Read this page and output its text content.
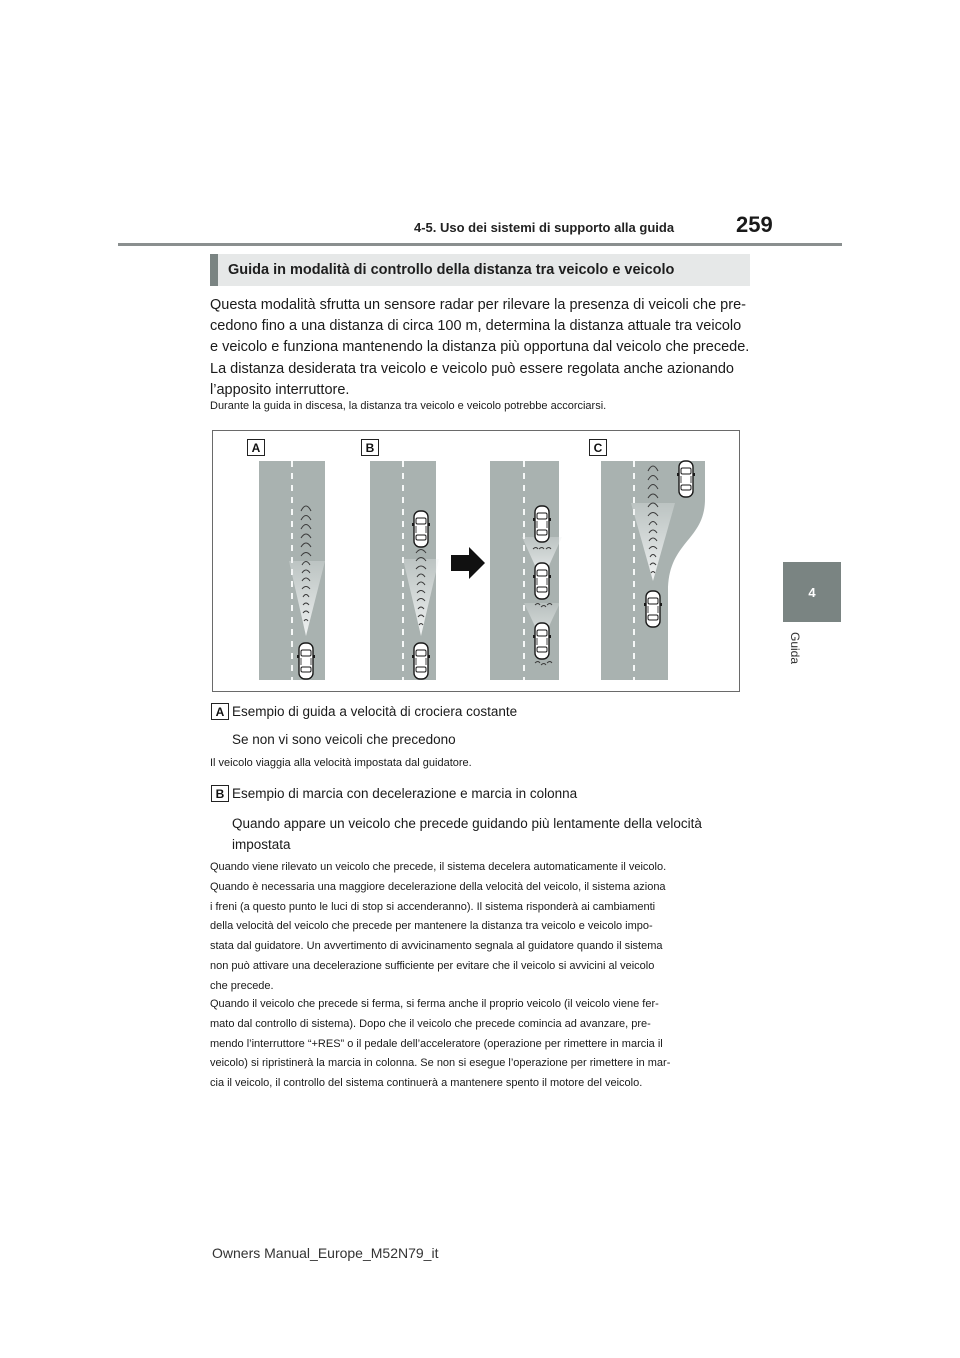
4-5. Uso dei sistemi di supporto alla guida	259
4
Guida
Guida in modalità di controllo della distanza tra veicolo e veicolo
Questa modalità sfrutta un sensore radar per rilevare la presenza di veicoli che pre-
cedono fino a una distanza di circa 100 m, determina la distanza attuale tra veicolo
e veicolo e funziona mantenendo la distanza più opportuna dal veicolo che precede.
La distanza desiderata tra veicolo e veicolo può essere regolata anche azionando
l’apposito interruttore.
Durante la guida in discesa, la distanza tra veicolo e veicolo potrebbe accorciarsi.
A	B	C
A Esempio di guida a velocità di crociera costante
Se non vi sono veicoli che precedono
Il veicolo viaggia alla velocità impostata dal guidatore.
B Esempio di marcia con decelerazione e marcia in colonna
Quando appare un veicolo che precede guidando più lentamente della velocità
impostata
Quando viene rilevato un veicolo che precede, il sistema decelera automaticamente il veicolo.
Quando è necessaria una maggiore decelerazione della velocità del veicolo, il sistema aziona
i freni (a questo punto le luci di stop si accenderanno). Il sistema risponderà ai cambiamenti
della velocità del veicolo che precede per mantenere la distanza tra veicolo e veicolo impo-
stata dal guidatore. Un avvertimento di avvicinamento segnala al guidatore quando il sistema
non può attivare una decelerazione sufficiente per evitare che il veicolo si avvicini al veicolo
che precede.
Quando il veicolo che precede si ferma, si ferma anche il proprio veicolo (il veicolo viene fer-
mato dal controllo di sistema). Dopo che il veicolo che precede comincia ad avanzare, pre-
mendo l’interruttore “+RES” o il pedale dell’acceleratore (operazione per rimettere in marcia il
veicolo) si ripristinerà la marcia in colonna. Se non si esegue l’operazione per rimettere in mar-
cia il veicolo, il controllo del sistema continuerà a mantenere spento il motore del veicolo.
Owners Manual_Europe_M52N79_it
